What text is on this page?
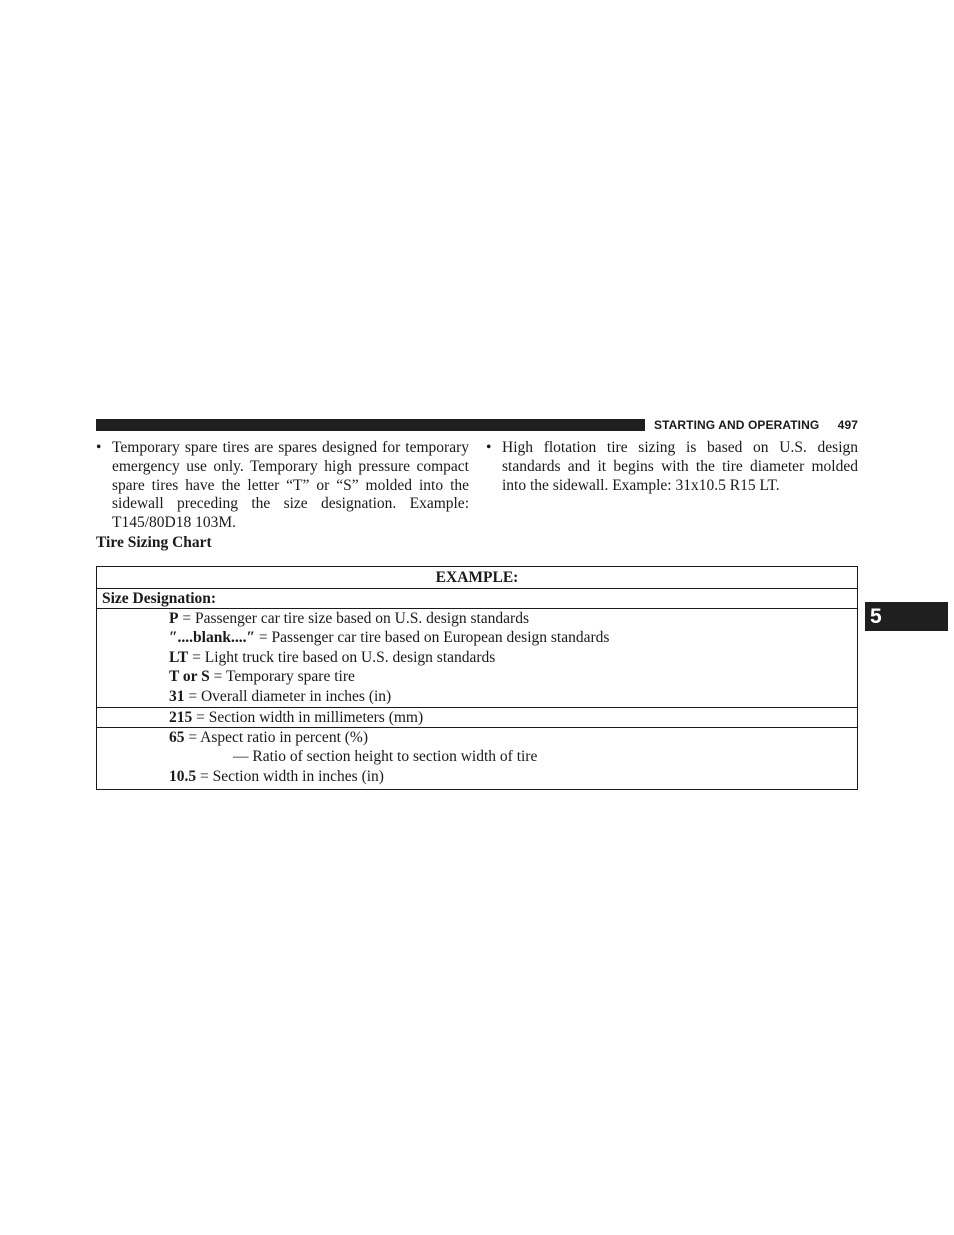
STARTING AND OPERATING 497
• Temporary spare tires are spares designed for temporary emergency use only. Temporary high pressure compact spare tires have the letter “T” or “S” molded into the sidewall preceding the size designation. Example: T145/80D18 103M.
• High flotation tire sizing is based on U.S. design standards and it begins with the tire diameter molded into the sidewall. Example: 31x10.5 R15 LT.
Tire Sizing Chart
EXAMPLE:
Size Designation:
P = Passenger car tire size based on U.S. design standards
″....blank....″ = Passenger car tire based on European design standards
LT = Light truck tire based on U.S. design standards
T or S = Temporary spare tire
31 = Overall diameter in inches (in)
215 = Section width in millimeters (mm)
65 = Aspect ratio in percent (%)
— Ratio of section height to section width of tire
10.5 = Section width in inches (in)
5
